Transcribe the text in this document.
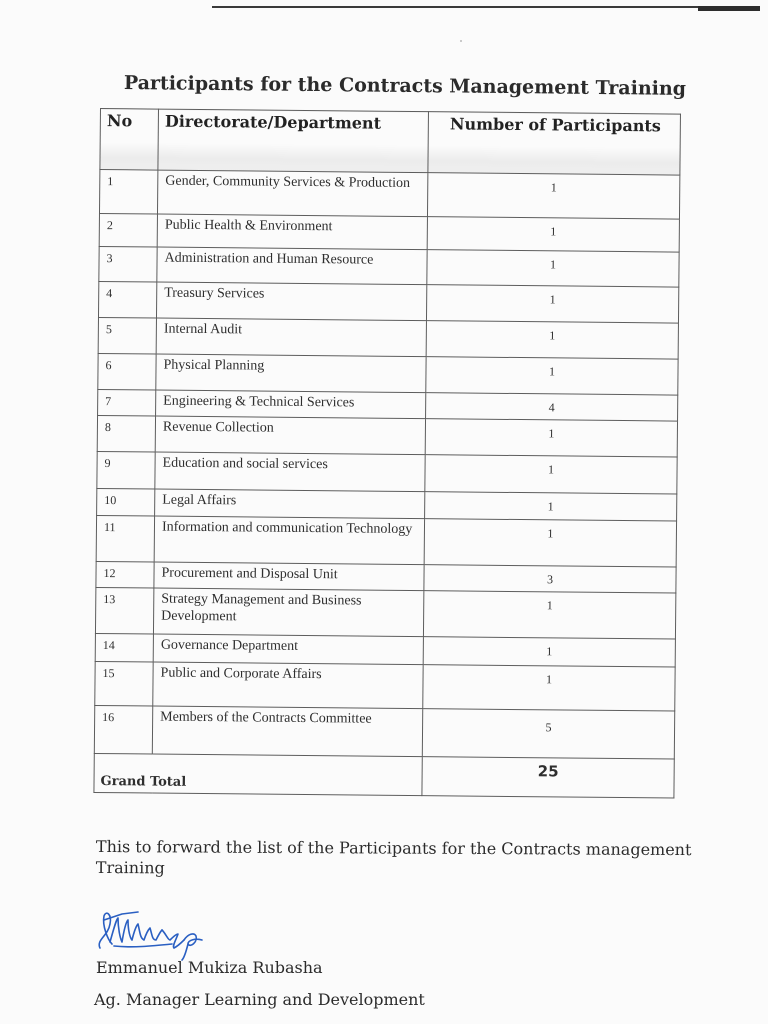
Participants for the Contracts Management Training
No	Directorate/Department	Number of Participants
1	Gender, Community Services & Production	1
2	Public Health & Environment	1
3	Administration and Human Resource	1
4	Treasury Services	1
5	Internal Audit	1
6	Physical Planning	1
7	Engineering & Technical Services	4
8	Revenue Collection	1
9	Education and social services	1
10	Legal Affairs	1
11	Information and communication Technology	1
12	Procurement and Disposal Unit	3
13	Strategy Management and Business Development	1
14	Governance Department	1
15	Public and Corporate Affairs	1
16	Members of the Contracts Committee	5

Grand Total		25

This to forward the list of the Participants for the Contracts management Training

Emmanuel Mukiza Rubasha

Ag. Manager Learning and Development
